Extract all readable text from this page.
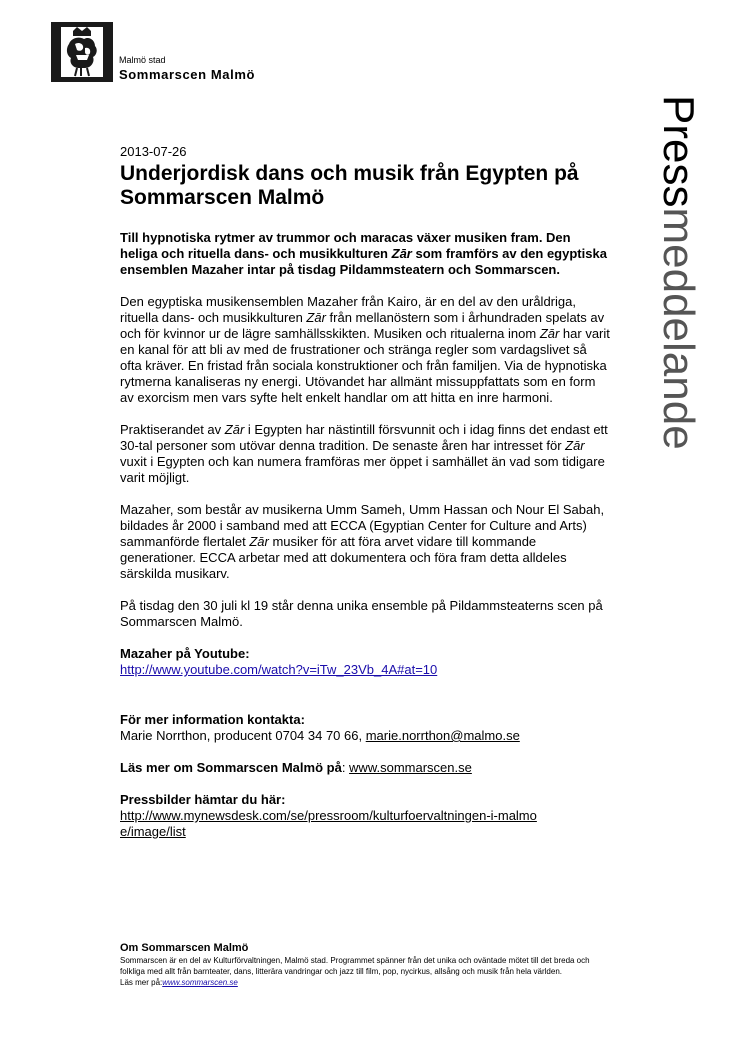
Malmö stad
Sommarscen Malmö
Pressmeddelande

2013-07-26

Underjordisk dans och musik från Egypten på Sommarscen Malmö

Till hypnotiska rytmer av trummor och maracas växer musiken fram. Den heliga och rituella dans- och musikkulturen Zār som framförs av den egyptiska ensemblen Mazaher intar på tisdag Pildammsteatern och Sommarscen.

Den egyptiska musikensemblen Mazaher från Kairo, är en del av den uråldriga, rituella dans- och musikkulturen Zār från mellanöstern som i århundraden spelats av och för kvinnor ur de lägre samhällsskikten. Musiken och ritualerna inom Zār har varit en kanal för att bli av med de frustrationer och stränga regler som vardagslivet så ofta kräver. En fristad från sociala konstruktioner och från familjen. Via de hypnotiska rytmerna kanaliseras ny energi. Utövandet har allmänt missuppfattats som en form av exorcism men vars syfte helt enkelt handlar om att hitta en inre harmoni.

Praktiserandet av Zār i Egypten har nästintill försvunnit och i idag finns det endast ett 30-tal personer som utövar denna tradition. De senaste åren har intresset för Zār vuxit i Egypten och kan numera framföras mer öppet i samhället än vad som tidigare varit möjligt.

Mazaher, som består av musikerna Umm Sameh, Umm Hassan och Nour El Sabah, bildades år 2000 i samband med att ECCA (Egyptian Center for Culture and Arts) sammanförde flertalet Zār musiker för att föra arvet vidare till kommande generationer. ECCA arbetar med att dokumentera och föra fram detta alldeles särskilda musikarv.

På tisdag den 30 juli kl 19 står denna unika ensemble på Pildammsteaterns scen på Sommarscen Malmö.

Mazaher på Youtube:

http://www.youtube.com/watch?v=iTw_23Vb_4A#at=10

För mer information kontakta:

Marie Norrthon, producent 0704 34 70 66, marie.norrthon@malmo.se
Läs mer om Sommarscen Malmö på: www.sommarscen.se

Pressbilder hämtar du här:

http://www.mynewsdesk.com/se/pressroom/kulturfoervaltningen-i-malmoe/image/list

Om Sommarscen Malmö

Sommarscen är en del av Kulturförvaltningen, Malmö stad. Programmet spänner från det unika och oväntade mötet till det breda och folkliga med allt från barnteater, dans, litterära vandringar och jazz till film, pop, nycirkus, allsång och musik från hela världen.
Läs mer på:www.sommarscen.se
